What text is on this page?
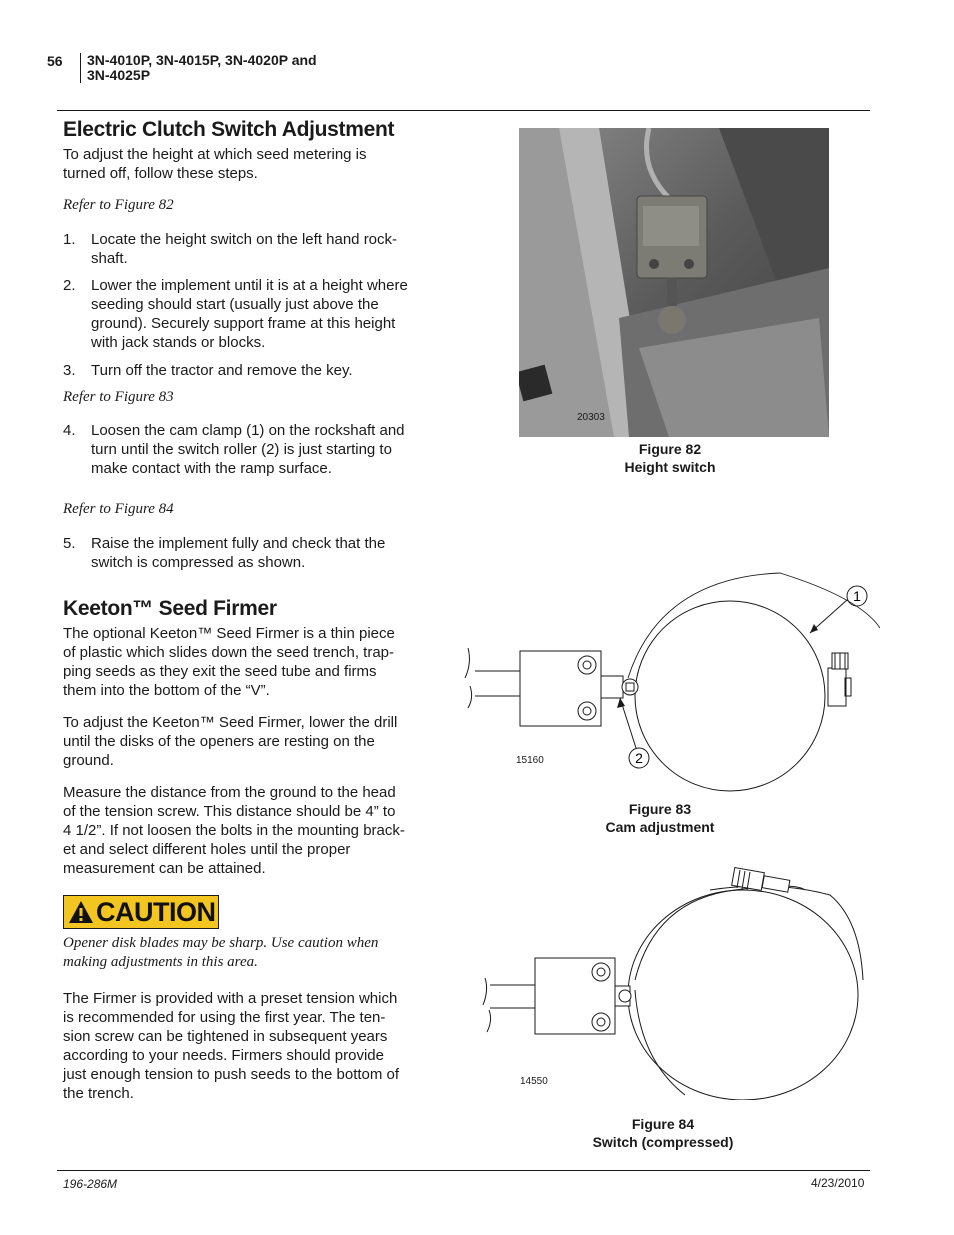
56 3N-4010P, 3N-4015P, 3N-4020P and
3N-4025P
Electric Clutch Switch Adjustment
To adjust the height at which seed metering is
turned off, follow these steps.
Refer to Figure 82
1. Locate the height switch on the left hand rock-
shaft.
2. Lower the implement until it is at a height where
seeding should start (usually just above the
ground). Securely support frame at this height
with jack stands or blocks.
3. Turn off the tractor and remove the key.
Refer to Figure 83
4. Loosen the cam clamp (1) on the rockshaft and
turn until the switch roller (2) is just starting to
make contact with the ramp surface.
Refer to Figure 84
5. Raise the implement fully and check that the
switch is compressed as shown.
Keeton™ Seed Firmer
The optional Keeton™ Seed Firmer is a thin piece
of plastic which slides down the seed trench, trap-
ping seeds as they exit the seed tube and firms
them into the bottom of the “V”.
To adjust the Keeton™ Seed Firmer, lower the drill
until the disks of the openers are resting on the
ground.
Measure the distance from the ground to the head
of the tension screw. This distance should be 4” to
4 1/2”. If not loosen the bolts in the mounting brack-
et and select different holes until the proper
measurement can be attained.
CAUTION
Opener disk blades may be sharp. Use caution when
making adjustments in this area.
The Firmer is provided with a preset tension which
is recommended for using the first year. The ten-
sion screw can be tightened in subsequent years
according to your needs. Firmers should provide
just enough tension to push seeds to the bottom of
the trench.
20303
Figure 82
Height switch
1
2
15160
Figure 83
Cam adjustment
14550
Figure 84
Switch (compressed)
196-286M	4/23/2010
